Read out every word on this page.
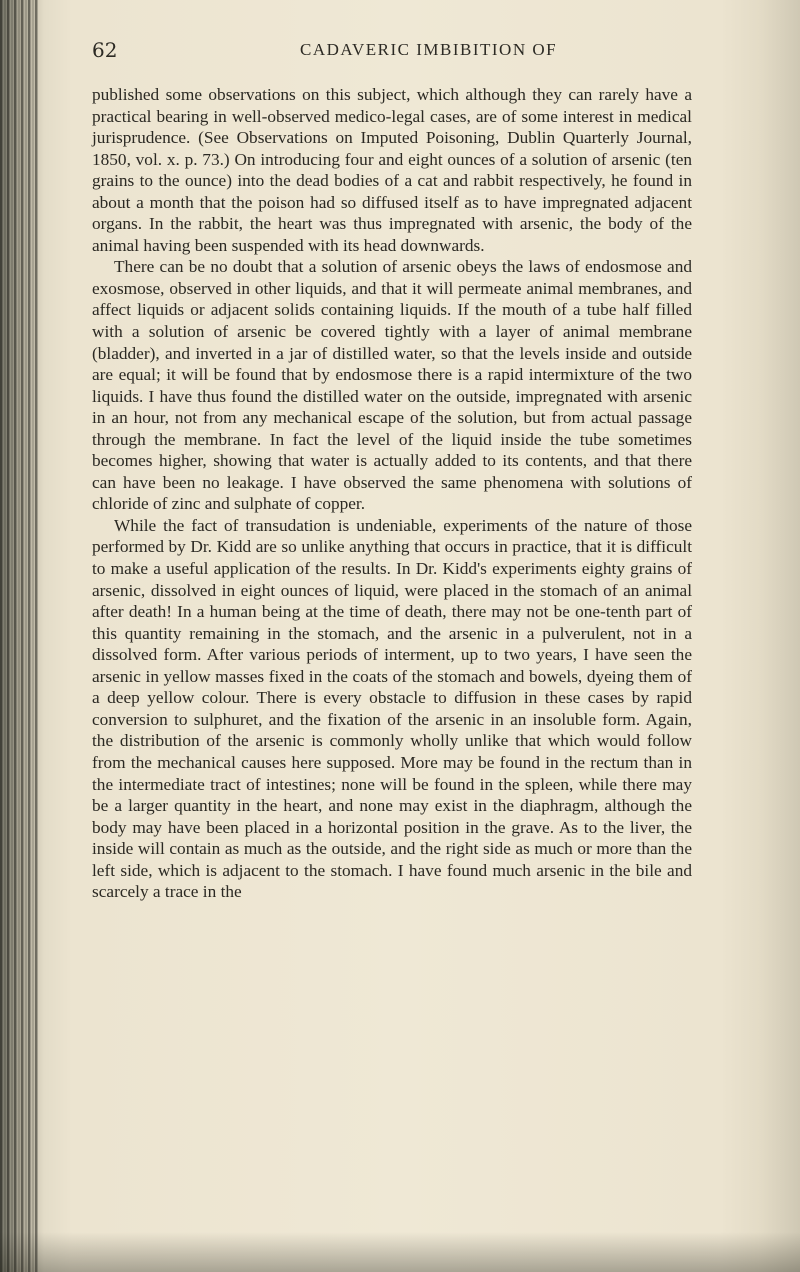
62	CADAVERIC IMBIBITION OF

published some observations on this subject, which although they can rarely have a practical bearing in well-observed medico-legal cases, are of some interest in medical jurisprudence. (See Observations on Imputed Poisoning, Dublin Quarterly Journal, 1850, vol. x. p. 73.) On introducing four and eight ounces of a solution of arsenic (ten grains to the ounce) into the dead bodies of a cat and rabbit respectively, he found in about a month that the poison had so diffused itself as to have impregnated adjacent organs. In the rabbit, the heart was thus impregnated with arsenic, the body of the animal having been suspended with its head downwards.

There can be no doubt that a solution of arsenic obeys the laws of endosmose and exosmose, observed in other liquids, and that it will permeate animal membranes, and affect liquids or adjacent solids containing liquids. If the mouth of a tube half filled with a solution of arsenic be covered tightly with a layer of animal membrane (bladder), and inverted in a jar of distilled water, so that the levels inside and outside are equal; it will be found that by endosmose there is a rapid intermixture of the two liquids. I have thus found the distilled water on the outside, impregnated with arsenic in an hour, not from any mechanical escape of the solution, but from actual passage through the membrane. In fact the level of the liquid inside the tube sometimes becomes higher, showing that water is actually added to its contents, and that there can have been no leakage. I have observed the same phenomena with solutions of chloride of zinc and sulphate of copper.

While the fact of transudation is undeniable, experiments of the nature of those performed by Dr. Kidd are so unlike anything that occurs in practice, that it is difficult to make a useful application of the results. In Dr. Kidd's experiments eighty grains of arsenic, dissolved in eight ounces of liquid, were placed in the stomach of an animal after death! In a human being at the time of death, there may not be one-tenth part of this quantity remaining in the stomach, and the arsenic in a pulverulent, not in a dissolved form. After various periods of interment, up to two years, I have seen the arsenic in yellow masses fixed in the coats of the stomach and bowels, dyeing them of a deep yellow colour. There is every obstacle to diffusion in these cases by rapid conversion to sulphuret, and the fixation of the arsenic in an insoluble form. Again, the distribution of the arsenic is commonly wholly unlike that which would follow from the mechanical causes here supposed. More may be found in the rectum than in the intermediate tract of intestines; none will be found in the spleen, while there may be a larger quantity in the heart, and none may exist in the diaphragm, although the body may have been placed in a horizontal position in the grave. As to the liver, the inside will contain as much as the outside, and the right side as much or more than the left side, which is adjacent to the stomach. I have found much arsenic in the bile and scarcely a trace in the
